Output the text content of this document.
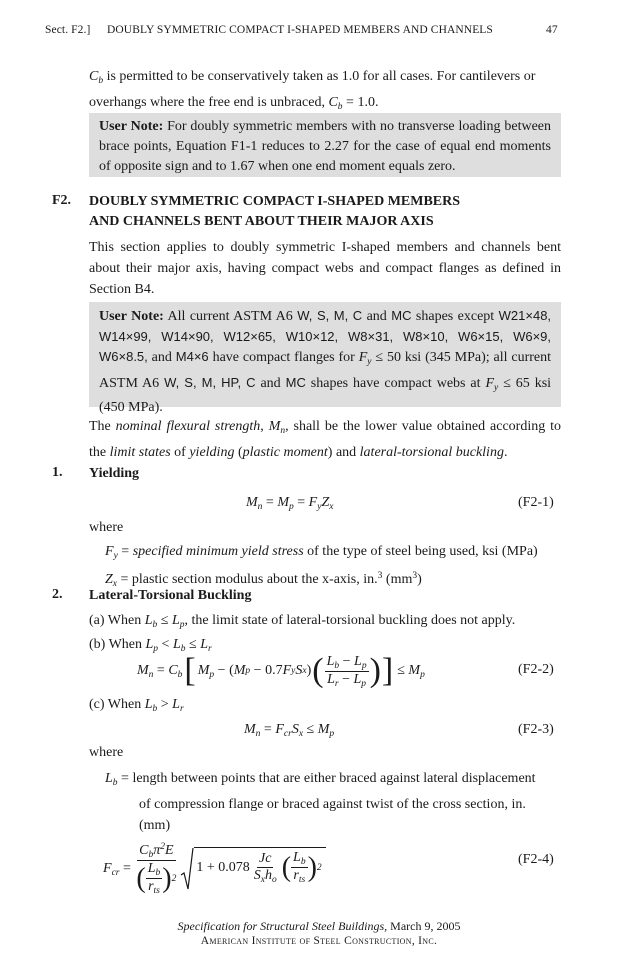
Sect. F2.] DOUBLY SYMMETRIC COMPACT I-SHAPED MEMBERS AND CHANNELS	47
$C_b$ is permitted to be conservatively taken as 1.0 for all cases. For cantilevers or
overhangs where the free end is unbraced, $C_b = 1.0$.
User Note: For doubly symmetric members with no transverse loading between brace points, Equation F1-1 reduces to 2.27 for the case of equal end moments of opposite sign and to 1.67 when one end moment equals zero.
F2. DOUBLY SYMMETRIC COMPACT I-SHAPED MEMBERS
AND CHANNELS BENT ABOUT THEIR MAJOR AXIS
This section applies to doubly symmetric I-shaped members and channels bent about their major axis, having compact webs and compact flanges as defined in Section B4.
User Note: All current ASTM A6 W, S, M, C and MC shapes except W21×48, W14×99, W14×90, W12×65, W10×12, W8×31, W8×10, W6×15, W6×9, W6×8.5, and M4×6 have compact flanges for $F_y \le 50$ ksi (345 MPa); all current ASTM A6 W, S, M, HP, C and MC shapes have compact webs at $F_y \le 65$ ksi (450 MPa).
The nominal flexural strength, $M_n$, shall be the lower value obtained according to the limit states of yielding (plastic moment) and lateral-torsional buckling.
1. Yielding
$M_n = M_p = F_yZ_x$	(F2-1)
where
$F_y$ = specified minimum yield stress of the type of steel being used, ksi (MPa)
$Z_x$ = plastic section modulus about the x-axis, in.$^3$ $(mm^3)$
2. Lateral-Torsional Buckling
(a) When $L_b \le L_p$, the limit state of lateral-torsional buckling does not apply.
(b) When $L_p < L_b \le L_r$
$M_n$
=
$C_b$ [ $M_p$
−
( M p
−
0.7 F y S x ) ( $\frac{L_b - L_p}{L_r - L_p}$ ) ] ≤
$M_p$	(F2-2)
(c) When $L_b > L_r$
$M_n = F_{cr}S_x \le M_p$	(F2-3)
where
$L_b$ = length between points that are either braced against lateral displacement
of compression flange or braced against twist of the cross section, in.
(mm)
$F_{cr}$
=
$\frac{C_b\pi^2E}{( \frac{L_b}{r_{ts}} ) 2} 1 + 0.078 \frac{Jc}{S_xh_o}$ ( $\frac{L_b}{r_{ts}}$ ) 2
(F2-4)
Specification for Structural Steel Buildings, March 9, 2005
American Institute of Steel Construction, Inc.
